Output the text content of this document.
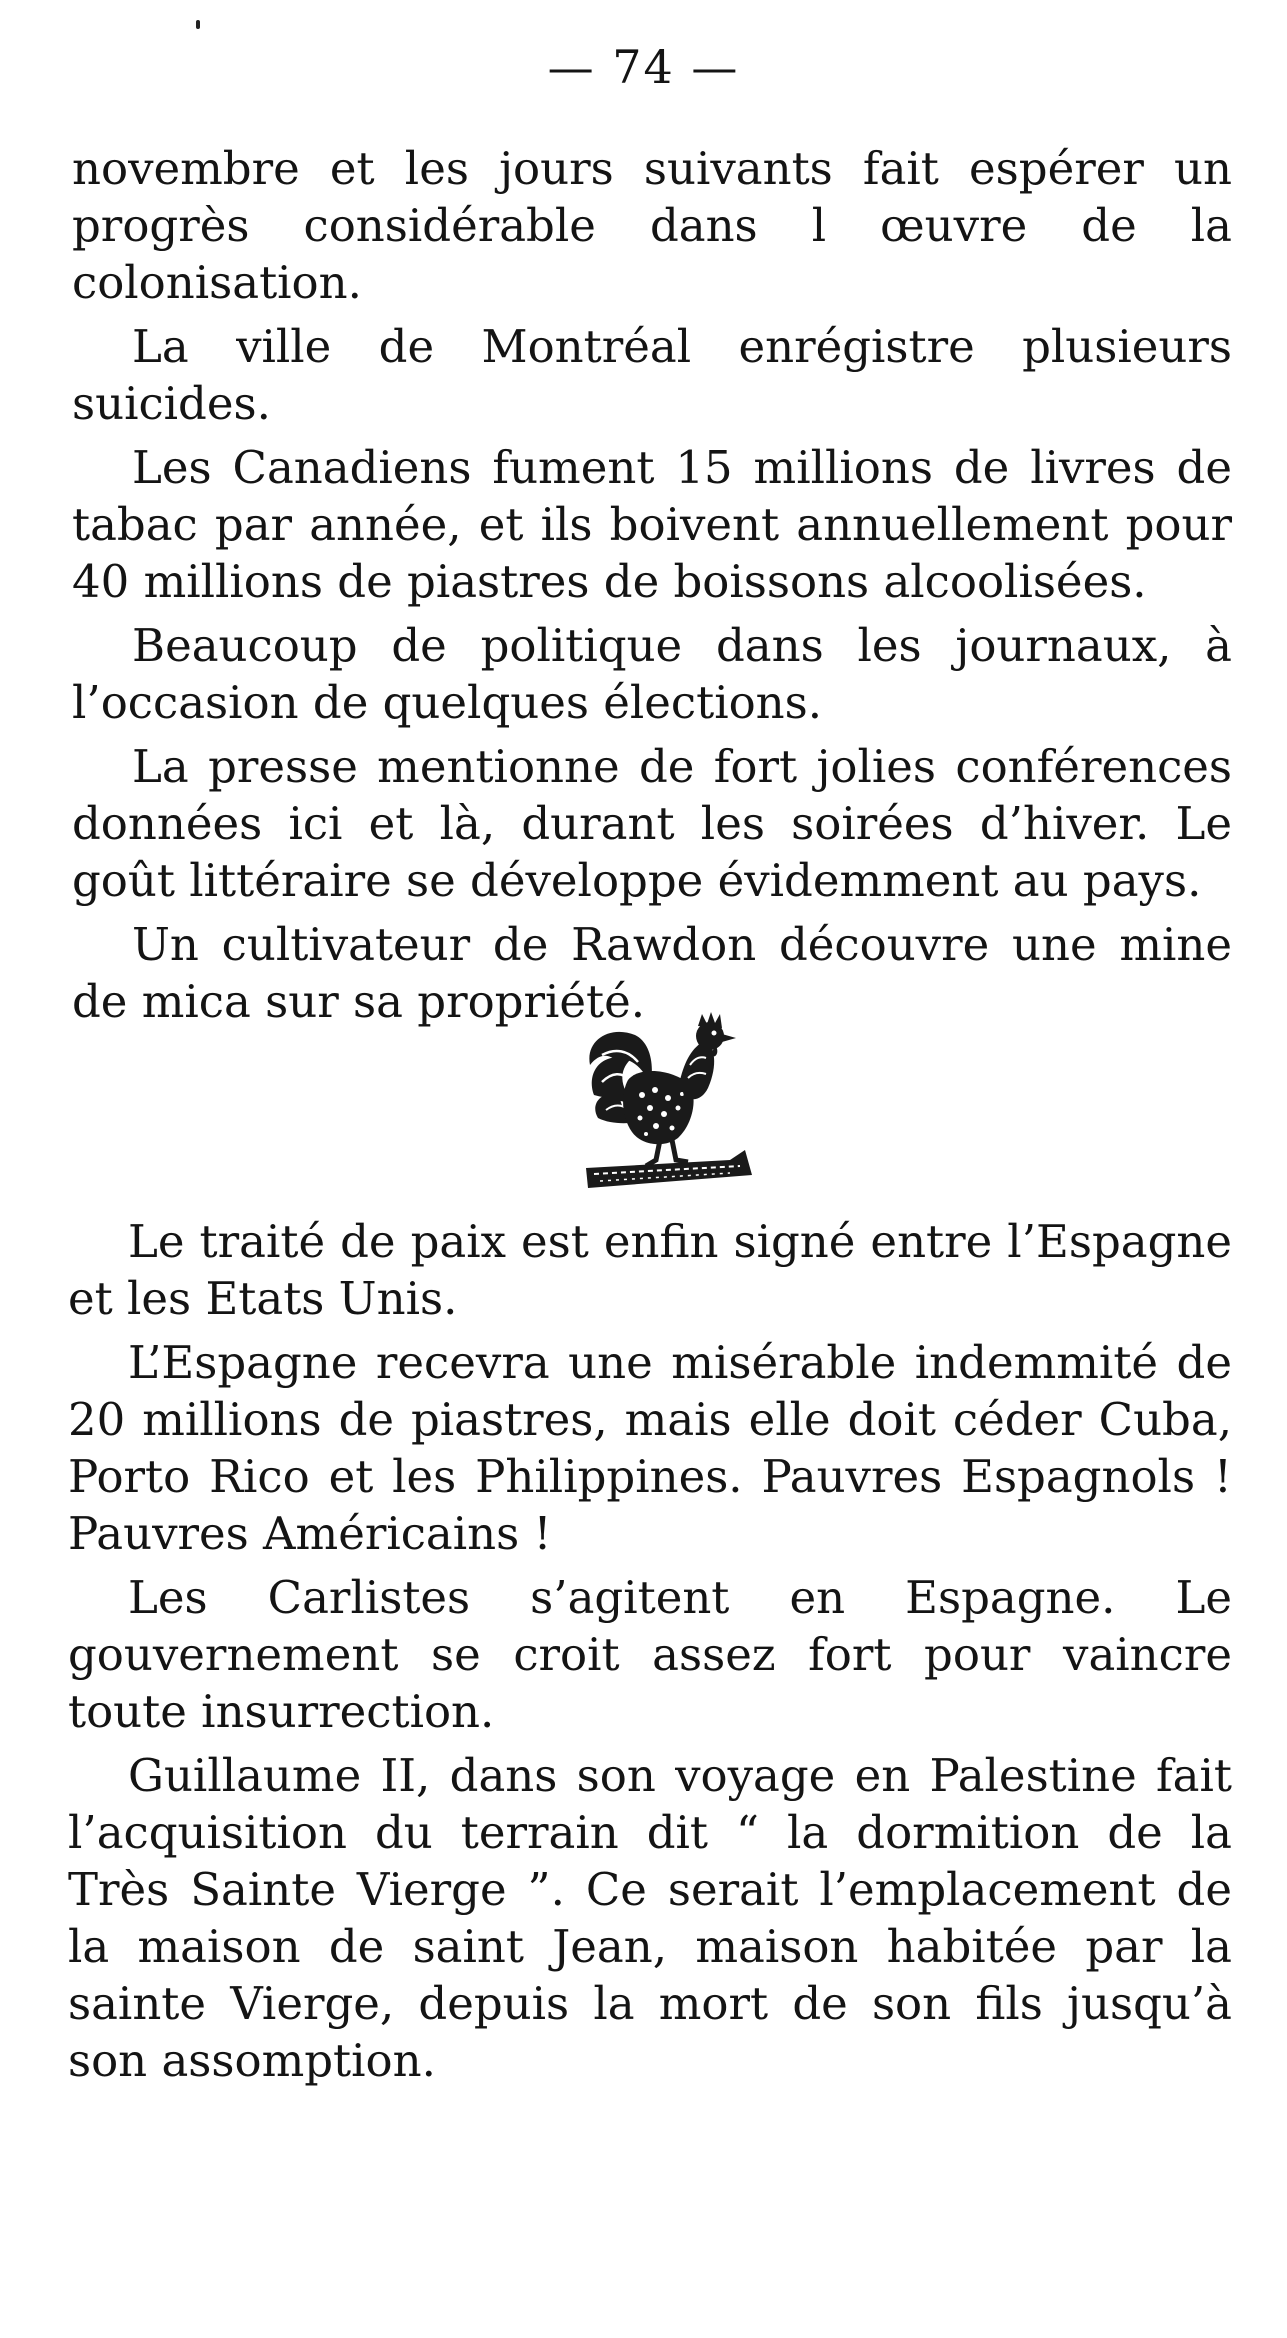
— 74 —

novembre et les jours suivants fait espérer un progrès considérable dans l œuvre de la colonisation.

La ville de Montréal enrégistre plusieurs suicides.

Les Canadiens fument 15 millions de livres de tabac par année, et ils boivent annuellement pour 40 millions de piastres de boissons alcoolisées.

Beaucoup de politique dans les journaux, à l’occasion de quelques élections.

La presse mentionne de fort jolies conférences données ici et là, durant les soirées d’hiver. Le goût littéraire se développe évidemment au pays.

Un cultivateur de Rawdon découvre une mine de mica sur sa propriété.

Le traité de paix est enfin signé entre l’Espagne et les Etats Unis.

L’Espagne recevra une misérable indemmité de 20 millions de piastres, mais elle doit céder Cuba, Porto Rico et les Philippines. Pauvres Espagnols ! Pauvres Américains !

Les Carlistes s’agitent en Espagne. Le gouvernement se croit assez fort pour vaincre toute insurrection.

Guillaume II, dans son voyage en Palestine fait l’acquisition du terrain dit “ la dormition de la Très Sainte Vierge ”. Ce serait l’emplacement de la maison de saint Jean, maison habitée par la sainte Vierge, depuis la mort de son fils jusqu’à son assomption.
